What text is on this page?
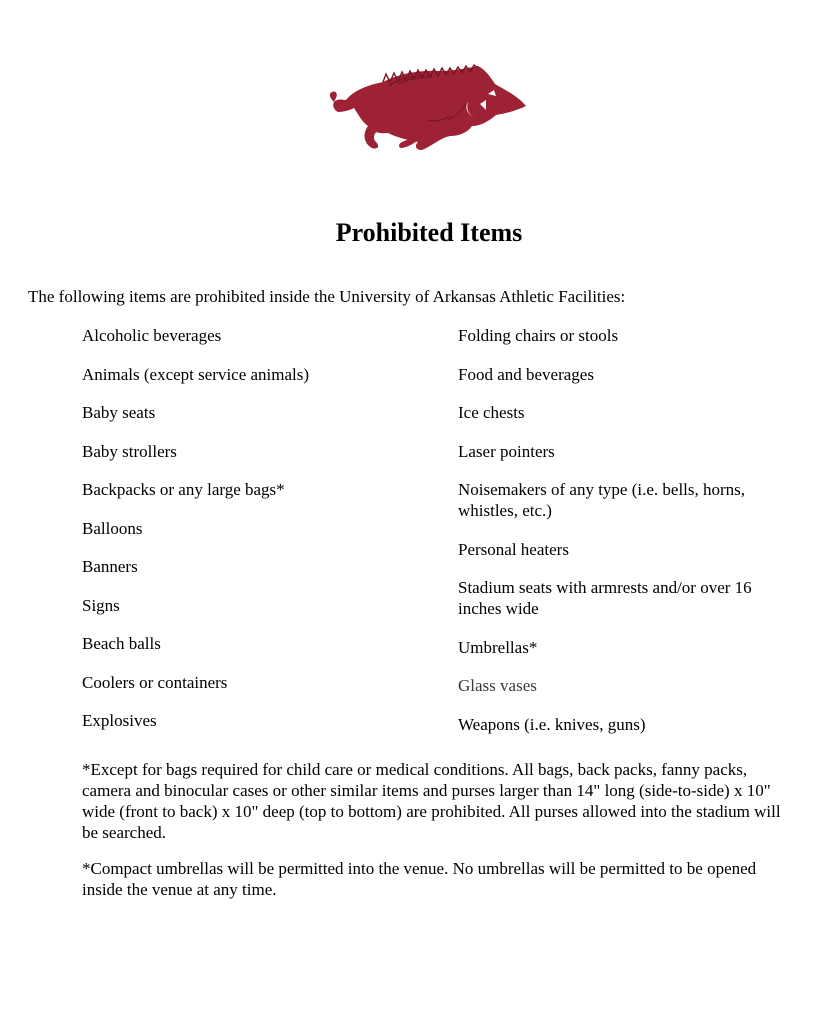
Prohibited Items

The following items are prohibited inside the University of Arkansas Athletic Facilities:

Alcoholic beverages

Animals (except service animals)

Baby seats

Baby strollers

Backpacks or any large bags*

Balloons

Banners

Signs

Beach balls

Coolers or containers

Explosives

Folding chairs or stools

Food and beverages

Ice chests

Laser pointers

Noisemakers of any type (i.e. bells, horns, whistles, etc.)

Personal heaters

Stadium seats with armrests and/or over 16 inches wide

Umbrellas*

Glass vases

Weapons (i.e. knives, guns)

*Except for bags required for child care or medical conditions. All bags, back packs, fanny packs, camera and binocular cases or other similar items and purses larger than 14" long (side-to-side) x 10" wide (front to back) x 10" deep (top to bottom) are prohibited. All purses allowed into the stadium will be searched.

*Compact umbrellas will be permitted into the venue. No umbrellas will be permitted to be opened inside the venue at any time.
